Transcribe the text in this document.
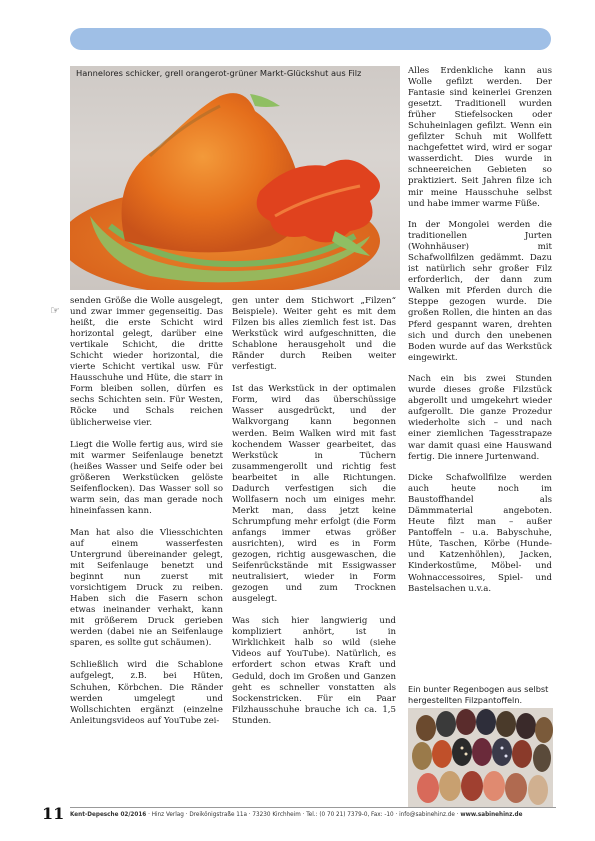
Hannelores schicker, grell orangerot-grüner Markt-Glückshut aus Filz
☞

senden Größe die Wolle ausgelegt, und zwar immer gegenseitig. Das heißt, die erste Schicht wird horizontal gelegt, darüber eine vertikale Schicht, die dritte Schicht wieder horizontal, die vierte Schicht vertikal usw. Für Hausschuhe und Hüte, die starr in Form bleiben sollen, dürfen es sechs Schichten sein. Für Westen, Röcke und Schals reichen üblicherweise vier.

Liegt die Wolle fertig aus, wird sie mit warmer Seifenlauge benetzt (heißes Wasser und Seife oder bei größeren Werkstücken gelöste Seifenflocken). Das Wasser soll so warm sein, das man gerade noch hineinfassen kann.

Man hat also die Vliesschichten auf einem wasserfesten Untergrund übereinander gelegt, mit Seifenlauge benetzt und beginnt nun zuerst mit vorsichtigem Druck zu reiben. Haben sich die Fasern schon etwas ineinander verhakt, kann mit größerem Druck gerieben werden (dabei nie an Seifenlauge sparen, es sollte gut schäumen).

Schließlich wird die Schablone aufgelegt, z.B. bei Hüten, Schuhen, Körbchen. Die Ränder werden umgelegt und Wollschichten ergänzt (einzelne Anleitungsvideos auf YouTube zei-

gen unter dem Stichwort „Filzen“ Beispiele). Weiter geht es mit dem Filzen bis alles ziemlich fest ist. Das Werkstück wird aufgeschnitten, die Schablone herausgeholt und die Ränder durch Reiben weiter verfestigt.

Ist das Werkstück in der optimalen Form, wird das überschüssige Wasser ausgedrückt, und der Walkvorgang kann begonnen werden. Beim Walken wird mit fast kochendem Wasser gearbeitet, das Werkstück in Tüchern zusammengerollt und richtig fest bearbeitet in alle Richtungen. Dadurch verfestigen sich die Wollfasern noch um einiges mehr. Merkt man, dass jetzt keine Schrumpfung mehr erfolgt (die Form anfangs immer etwas größer ausrichten), wird es in Form gezogen, richtig ausgewaschen, die Seifenrückstände mit Essigwasser neutralisiert, wieder in Form gezogen und zum Trocknen ausgelegt.

Was sich hier langwierig und kompliziert anhört, ist in Wirklichkeit halb so wild (siehe Videos auf YouTube). Natürlich, es erfordert schon etwas Kraft und Geduld, doch im Großen und Ganzen geht es schneller vonstatten als Sockenstricken. Für ein Paar Filzhausschuhe brauche ich ca. 1,5 Stunden.

Alles Erdenkliche kann aus Wolle gefilzt werden. Der Fantasie sind keinerlei Grenzen gesetzt. Traditionell wurden früher Stiefelsocken oder Schuheinlagen gefilzt. Wenn ein gefilzter Schuh mit Wollfett nachgefettet wird, wird er sogar wasserdicht. Dies wurde in schneereichen Gebieten so praktiziert. Seit Jahren filze ich mir meine Hausschuhe selbst und habe immer warme Füße.

In der Mongolei werden die traditionellen Jurten (Wohnhäuser) mit Schafwollfilzen gedämmt. Dazu ist natürlich sehr großer Filz erforderlich, der dann zum Walken mit Pferden durch die Steppe gezogen wurde. Die großen Rollen, die hinten an das Pferd gespannt waren, drehten sich und durch den unebenen Boden wurde auf das Werkstück eingewirkt.

Nach ein bis zwei Stunden wurde dieses große Filzstück abgerollt und umgekehrt wieder aufgerollt. Die ganze Prozedur wiederholte sich – und nach einer ziemlichen Tagesstrapaze war damit quasi eine Hauswand fertig. Die innere Jurtenwand.

Dicke Schafwollfilze werden auch heute noch im Baustoffhandel als Dämmmaterial angeboten. Heute filzt man – außer Pantoffeln – u.a. Babyschuhe, Hüte, Taschen, Körbe (Hunde- und Katzenhöhlen), Jacken, Kinderkostüme, Möbel- und Wohnaccessoires, Spiel- und Bastelsachen u.v.a.

Ein bunter Regenbogen aus selbst hergestellten Filzpantoffeln.
11 Kent-Depesche 02/2016 · Hinz Verlag · Dreikönigstraße 11a · 73230 Kirchheim · Tel.: (0 70 21) 7379-0, Fax: -10 · info@sabinehinz.de · www.sabinehinz.de
